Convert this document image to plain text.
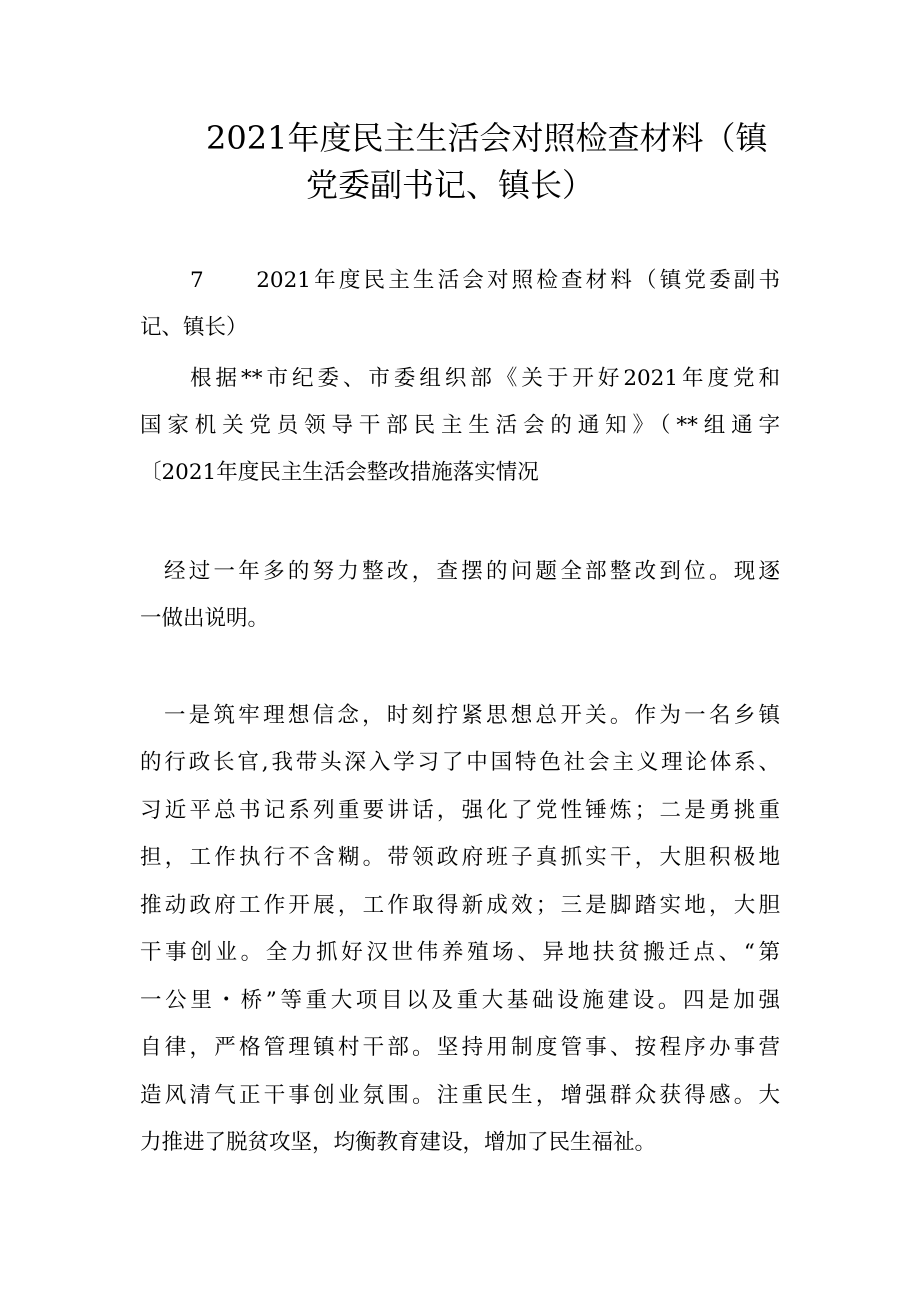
2021年度民主生活会对照检查材料（镇
党委副书记、镇长）

7　　2021年度民主生活会对照检查材料（镇党委副书

记、镇长）

根据**市纪委、市委组织部《关于开好2021年度党和

国家机关党员领导干部民主生活会的通知》（**组通字

〔2021年度民主生活会整改措施落实情况

经过一年多的努力整改，查摆的问题全部整改到位。现逐

一做出说明。

一是筑牢理想信念，时刻拧紧思想总开关。作为一名乡镇

的行政长官,我带头深入学习了中国特色社会主义理论体系、

习近平总书记系列重要讲话，强化了党性锤炼；二是勇挑重

担，工作执行不含糊。带领政府班子真抓实干，大胆积极地

推动政府工作开展，工作取得新成效；三是脚踏实地，大胆

干事创业。全力抓好汉世伟养殖场、异地扶贫搬迁点、“第

一公里・桥”等重大项目以及重大基础设施建设。四是加强

自律，严格管理镇村干部。坚持用制度管事、按程序办事营

造风清气正干事创业氛围。注重民生，增强群众获得感。大

力推进了脱贫攻坚，均衡教育建设，增加了民生福祉。
